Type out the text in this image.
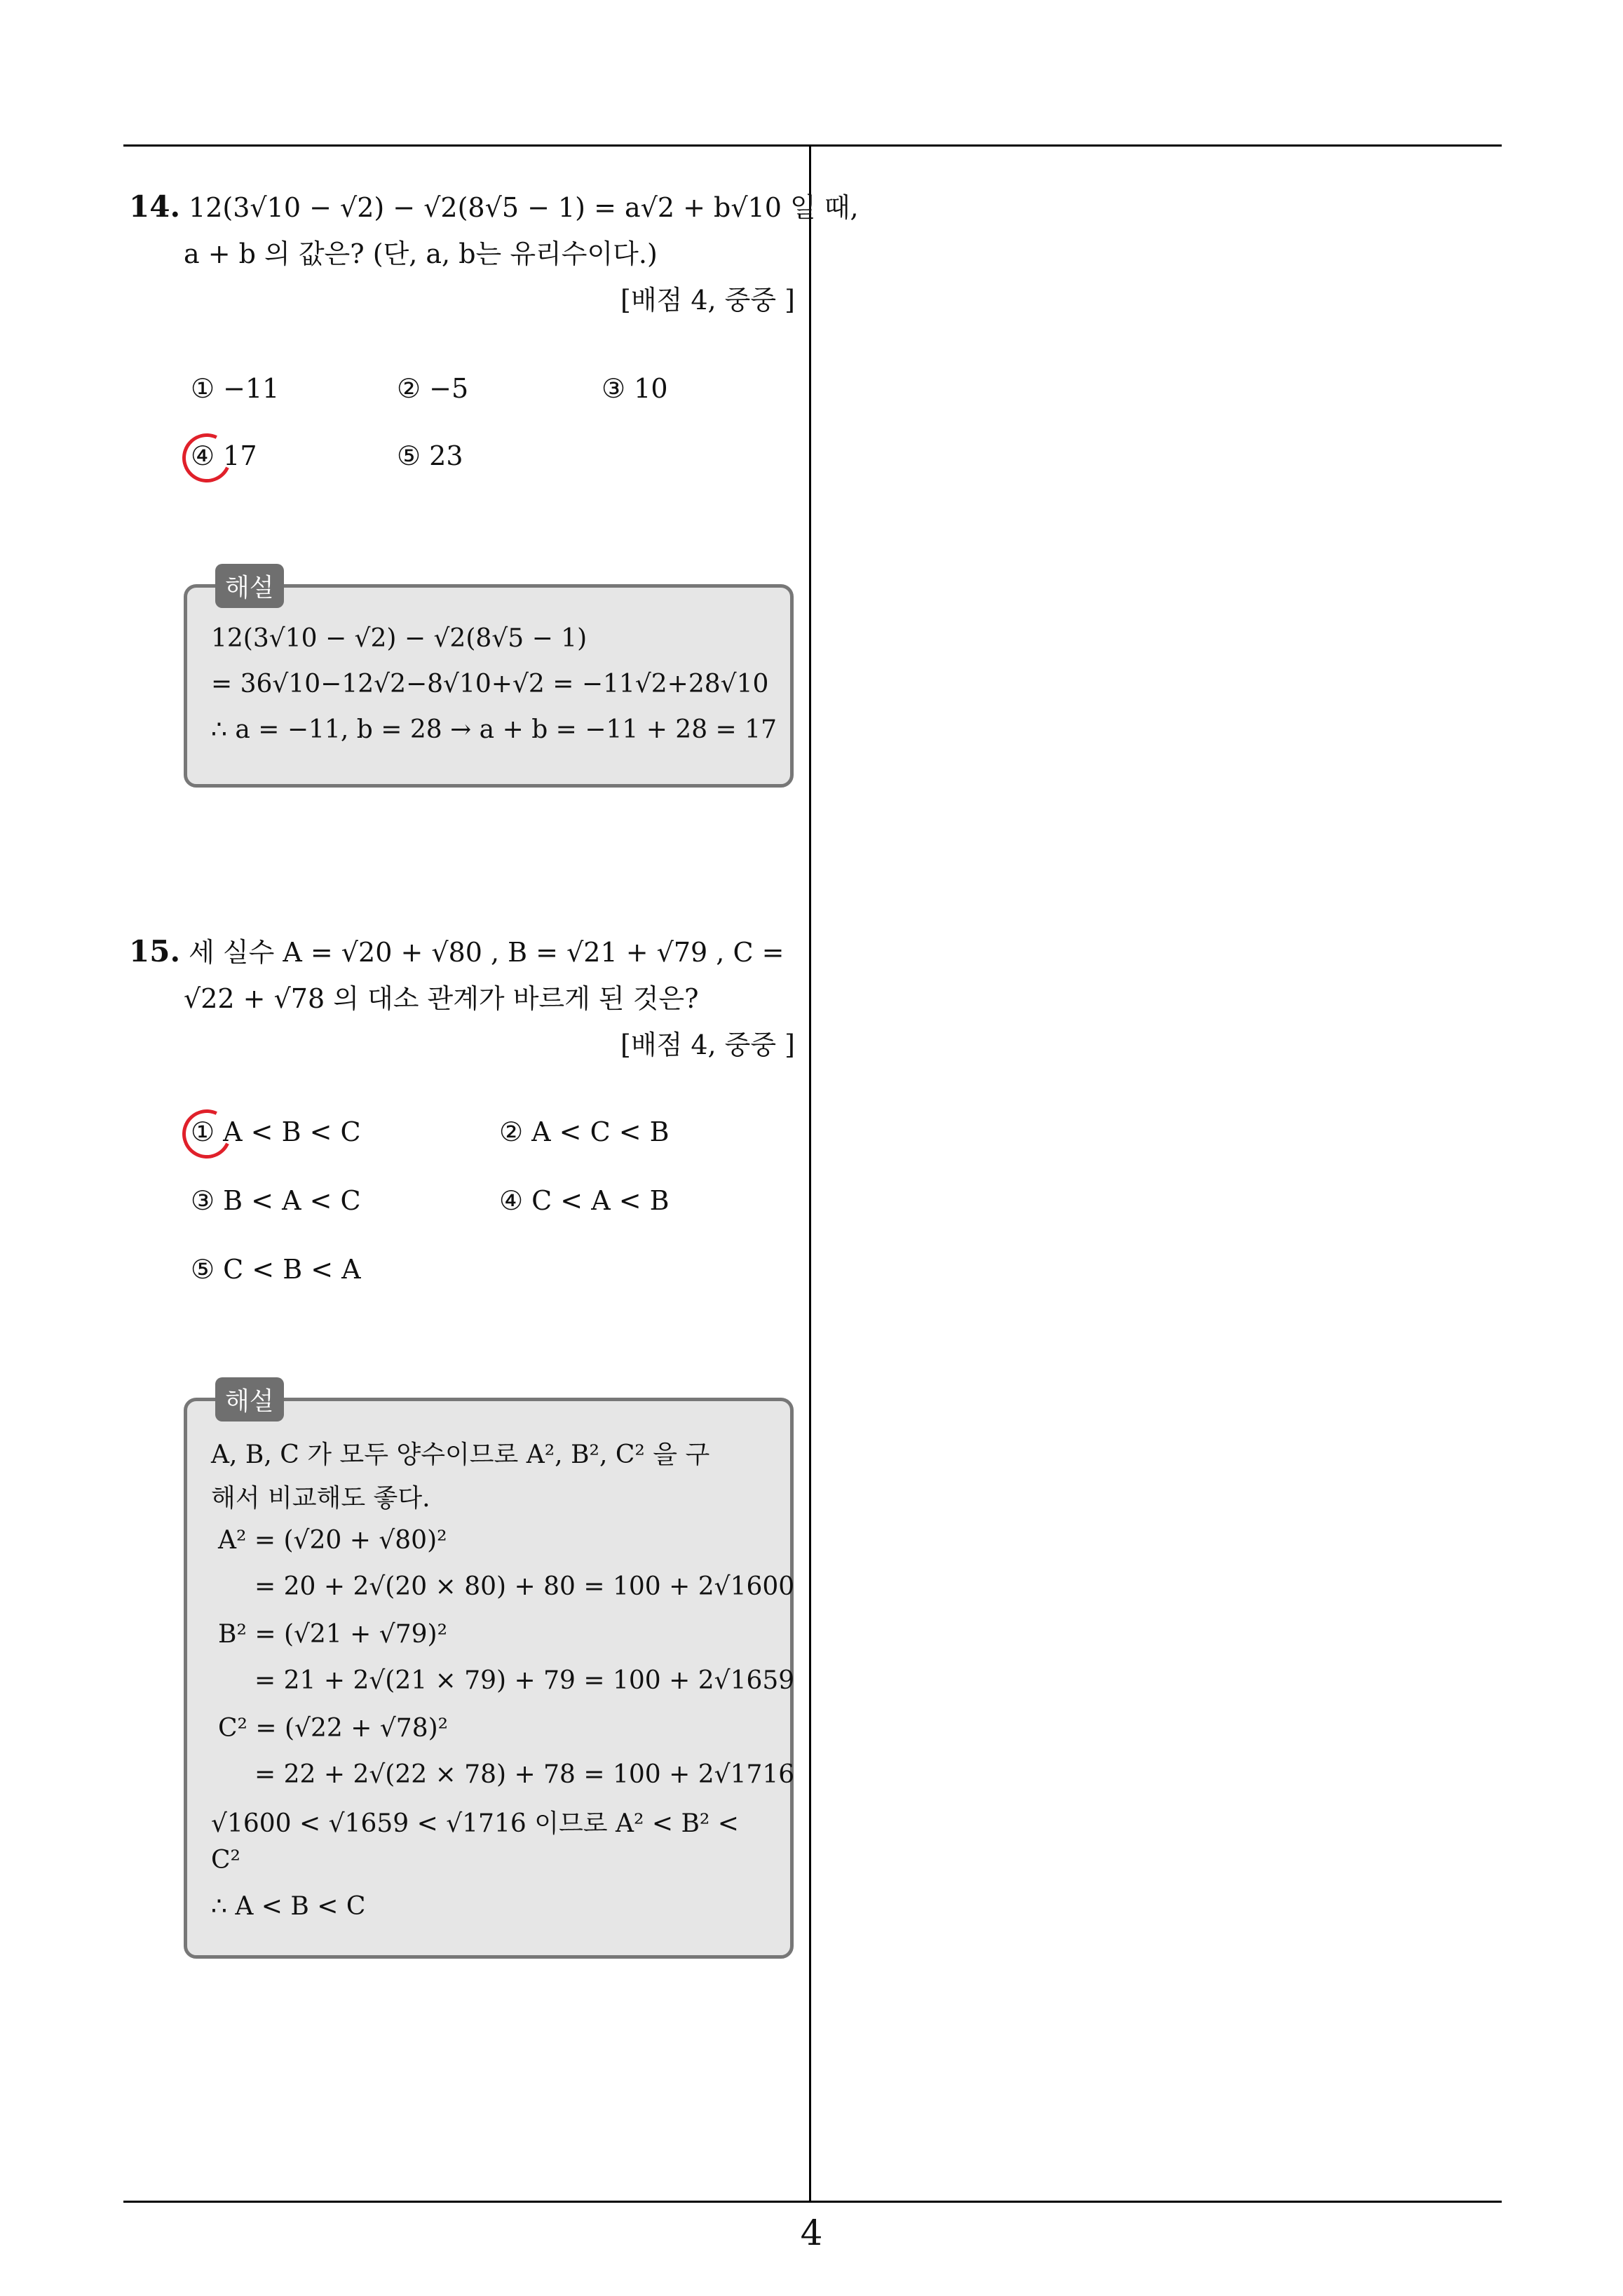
14. 12(3√10 − √2) − √2(8√5 − 1) = a√2 + b√10 일 때,
a + b 의 값은? (단, a, b는 유리수이다.)
[배점 4, 중중 ]
① −11	② −5	③ 10
④ 17	⑤ 23
해설
12(3√10 − √2) − √2(8√5 − 1)
= 36√10−12√2−8√10+√2 = −11√2+28√10
∴ a = −11, b = 28 → a + b = −11 + 28 = 17
15. 세 실수 A = √20 + √80 , B = √21 + √79 , C =
√22 + √78 의 대소 관계가 바르게 된 것은?
[배점 4, 중중 ]
① A < B < C	② A < C < B
③ B < A < C	④ C < A < B
⑤ C < B < A
해설
A, B, C 가 모두 양수이므로 A², B², C² 을 구
해서 비교해도 좋다.
A² = (√20 + √80)²
= 20 + 2√(20 × 80) + 80 = 100 + 2√1600
B² = (√21 + √79)²
= 21 + 2√(21 × 79) + 79 = 100 + 2√1659
C² = (√22 + √78)²
= 22 + 2√(22 × 78) + 78 = 100 + 2√1716
√1600 < √1659 < √1716 이므로 A² < B² <
C²
∴ A < B < C
4
